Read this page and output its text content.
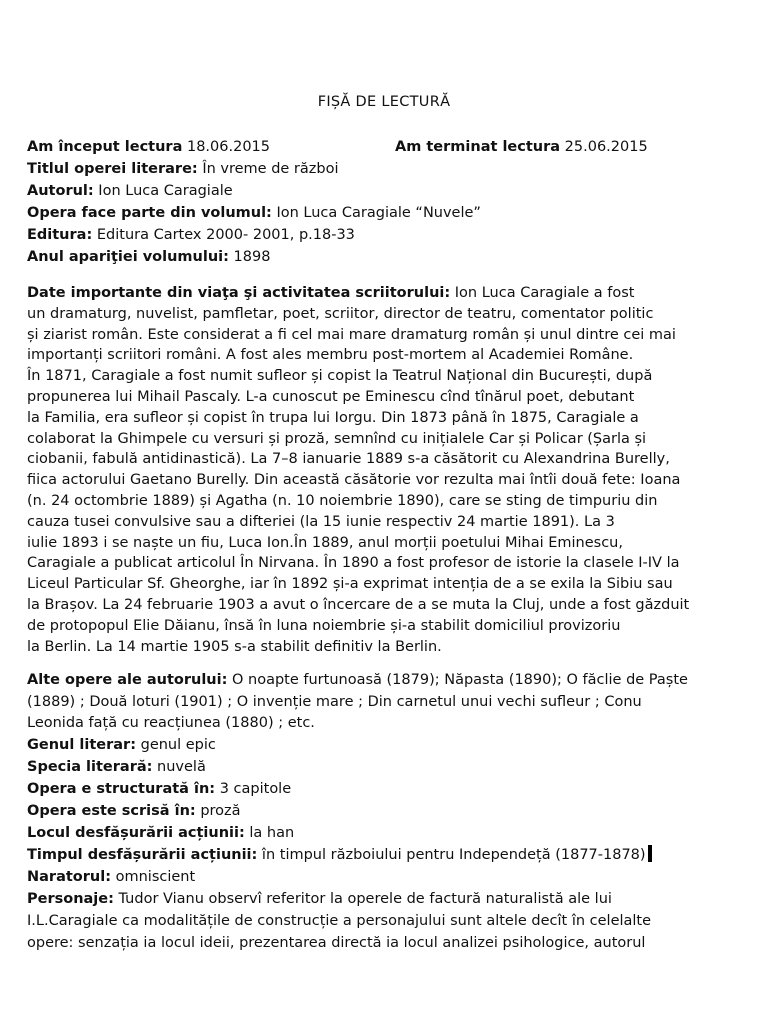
FIȘĂ DE LECTURĂ
Am început lectura 18.06.2015	Am terminat lectura 25.06.2015
Titlul operei literare: În vreme de război
Autorul: Ion Luca Caragiale
Opera face parte din volumul: Ion Luca Caragiale “Nuvele”
Editura: Editura Cartex 2000- 2001, p.18-33
Anul apariţiei volumului: 1898
Date importante din viaţa şi activitatea scriitorului: Ion Luca Caragiale a fost
un dramaturg, nuvelist, pamfletar, poet, scriitor, director de teatru, comentator politic
și ziarist român. Este considerat a fi cel mai mare dramaturg român și unul dintre cei mai
importanți scriitori români. A fost ales membru post-mortem al Academiei Române.
În 1871, Caragiale a fost numit sufleor și copist la Teatrul Național din București, după
propunerea lui Mihail Pascaly. L-a cunoscut pe Eminescu cînd tînărul poet, debutant
la Familia, era sufleor și copist în trupa lui Iorgu. Din 1873 până în 1875, Caragiale a
colaborat la Ghimpele cu versuri și proză, semnînd cu inițialele Car și Policar (Șarla și
ciobanii, fabulă antidinastică). La 7–8 ianuarie 1889 s-a căsătorit cu Alexandrina Burelly,
fiica actorului Gaetano Burelly. Din această căsătorie vor rezulta mai întîi două fete: Ioana
(n. 24 octombrie 1889) și Agatha (n. 10 noiembrie 1890), care se sting de timpuriu din
cauza tusei convulsive sau a difteriei (la 15 iunie respectiv 24 martie 1891). La 3
iulie 1893 i se naște un fiu, Luca Ion.În 1889, anul morții poetului Mihai Eminescu,
Caragiale a publicat articolul În Nirvana. În 1890 a fost profesor de istorie la clasele I-IV la
Liceul Particular Sf. Gheorghe, iar în 1892 și-a exprimat intenția de a se exila la Sibiu sau
la Brașov. La 24 februarie 1903 a avut o încercare de a se muta la Cluj, unde a fost găzduit
de protopopul Elie Dăianu, însă în luna noiembrie și-a stabilit domiciliul provizoriu
la Berlin. La 14 martie 1905 s-a stabilit definitiv la Berlin.
Alte opere ale autorului: O noapte furtunoasă (1879); Năpasta (1890); O făclie de Paște
(1889) ; Două loturi (1901) ; O invenție mare ; Din carnetul unui vechi sufleur ; Conu
Leonida față cu reacțiunea (1880) ; etc.
Genul literar: genul epic
Specia literară: nuvelă
Opera e structurată în: 3 capitole
Opera este scrisă în: proză
Locul desfășurării acțiunii: la han
Timpul desfășurării acțiunii: în timpul războiului pentru Independeță (1877-1878)
Naratorul: omniscient
Personaje: Tudor Vianu observî referitor la operele de factură naturalistă ale lui
I.L.Caragiale ca modalitățile de construcție a personajului sunt altele decît în celelalte
opere: senzația ia locul ideii, prezentarea directă ia locul analizei psihologice, autorul
